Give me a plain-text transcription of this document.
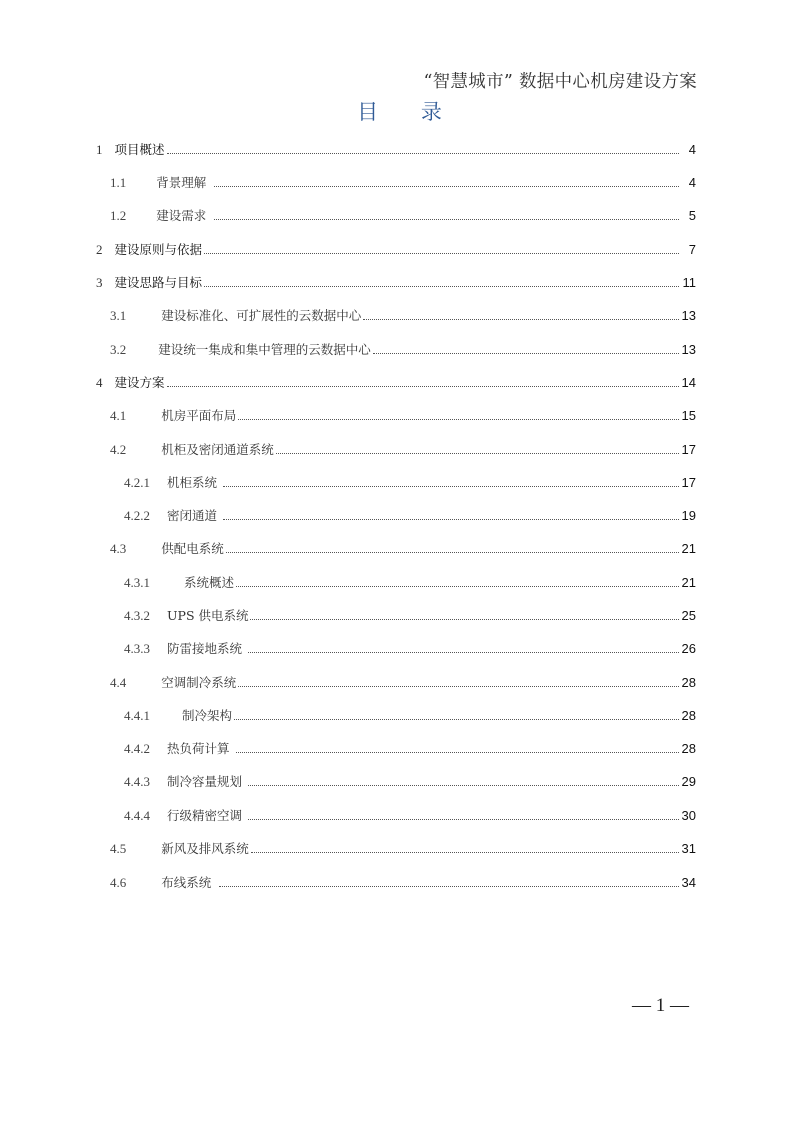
“智慧城市” 数据中心机房建设方案
目 录
1 项目概述	4
1.1 背景理解	4
1.2 建设需求	5
2 建设原则与依据	7
3 建设思路与目标	11
3.1	建设标准化、可扩展性的云数据中心	13
3.2	建设统一集成和集中管理的云数据中心	13
4 建设方案	14
4.1	机房平面布局	15
4.2	机柜及密闭通道系统	17
4.2.1 机柜系统	17
4.2.2 密闭通道	19
4.3	供配电系统	21
4.3.1	系统概述	21
4.3.2 UPS 供电系统	25
4.3.3 防雷接地系统	26
4.4	空调制冷系统	28
4.4.1	制冷架构	28
4.4.2 热负荷计算	28
4.4.3 制冷容量规划	29
4.4.4 行级精密空调	30
4.5	新风及排风系统	31
4.6	布线系统	34
— 1 —
